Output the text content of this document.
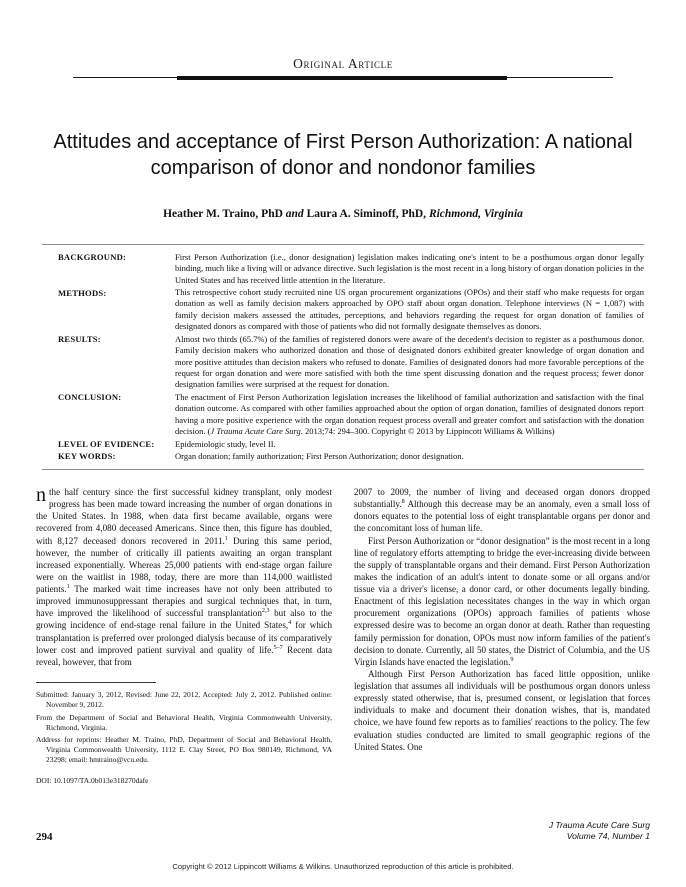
Original Article
Attitudes and acceptance of First Person Authorization: A national comparison of donor and nondonor families
Heather M. Traino, PhD and Laura A. Siminoff, PhD, Richmond, Virginia
BACKGROUND:	First Person Authorization (i.e., donor designation) legislation makes indicating one's intent to be a posthumous organ donor legally binding, much like a living will or advance directive. Such legislation is the most recent in a long history of organ donation policies in the United States and has received little attention in the literature.
METHODS:	This retrospective cohort study recruited nine US organ procurement organizations (OPOs) and their staff who make requests for organ donation as well as family decision makers approached by OPO staff about organ donation. Telephone interviews (N = 1,087) with family decision makers assessed the attitudes, perceptions, and behaviors regarding the request for organ donation of families of designated donors as compared with those of patients who did not formally designate themselves as donors.
RESULTS:	Almost two thirds (65.7%) of the families of registered donors were aware of the decedent's decision to register as a posthumous donor. Family decision makers who authorized donation and those of designated donors exhibited greater knowledge of organ donation and more positive attitudes than decision makers who refused to donate. Families of designated donors had more favorable perceptions of the request for organ donation and were more satisfied with both the time spent discussing donation and the request process; fewer donor designation families were surprised at the request for donation.
CONCLUSION:	The enactment of First Person Authorization legislation increases the likelihood of familial authorization and satisfaction with the final donation outcome. As compared with other families approached about the option of organ donation, families of designated donors report having a more positive experience with the organ donation request process overall and greater comfort and satisfaction with the donation decision. (J Trauma Acute Care Surg. 2013;74: 294–300. Copyright © 2013 by Lippincott Williams & Wilkins)
LEVEL OF EVIDENCE:	Epidemiologic study, level II.
KEY WORDS:	Organ donation; family authorization; First Person Authorization; donor designation.

nthe half century since the first successful kidney transplant, only modest progress has been made toward increasing the number of organ donations in the United States. In 1988, when data first became available, organs were recovered from 4,080 deceased Americans. Since then, this figure has doubled, with 8,127 deceased donors recovered in 2011.$^1$ During this same period, however, the number of critically ill patients awaiting an organ transplant increased exponentially. Whereas 25,000 patients with end-stage organ failure were on the waitlist in 1988, today, there are more than 114,000 waitlisted patients.$^1$ The marked wait time increases have not only been attributed to improved immunosuppressant therapies and surgical techniques that, in turn, have improved the likelihood of successful transplantation$^{2,3}$ but also to the growing incidence of end-stage renal failure in the United States,$^4$ for which transplantation is preferred over prolonged dialysis because of its comparatively lower cost and improved patient survival and quality of life.$^{5-7}$ Recent data reveal, however, that from

Submitted: January 3, 2012, Revised: June 22, 2012, Accepted: July 2, 2012. Published online: November 9, 2012.

From the Department of Social and Behavioral Health, Virginia Commonwealth University, Richmond, Virginia.

Address for reprints: Heather M. Traino, PhD, Department of Social and Behavioral Health, Virginia Commonwealth University, 1112 E. Clay Street, PO Box 980149, Richmond, VA 23298; email: hmtraino@vcu.edu.

DOI: 10.1097/TA.0b013e318270dafe

2007 to 2009, the number of living and deceased organ donors dropped substantially.$^8$ Although this decrease may be an anomaly, even a small loss of donors equates to the potential loss of eight transplantable organs per donor and the concomitant loss of human life.

First Person Authorization or “donor designation” is the most recent in a long line of regulatory efforts attempting to bridge the ever-increasing divide between the supply of transplantable organs and their demand. First Person Authorization makes the indication of an adult's intent to donate some or all organs and/or tissue via a driver's license, a donor card, or other documents legally binding. Enactment of this legislation necessitates changes in the way in which organ procurement organizations (OPOs) approach families of patients whose expressed desire was to become an organ donor at death. Rather than requesting family permission for donation, OPOs must now inform families of the patient's decision to donate. Currently, all 50 states, the District of Columbia, and the US Virgin Islands have enacted the legislation.$^9$

Although First Person Authorization has faced little opposition, unlike legislation that assumes all individuals will be posthumous organ donors unless expressly stated otherwise, that is, presumed consent, or legislation that forces individuals to make and document their donation wishes, that is, mandated choice, we have found few reports as to families' reactions to the policy. The few evaluation studies conducted are limited to small geographic regions of the United States. One

294
J Trauma Acute Care Surg
Volume 74, Number 1
Copyright © 2012 Lippincott Williams & Wilkins. Unauthorized reproduction of this article is prohibited.
